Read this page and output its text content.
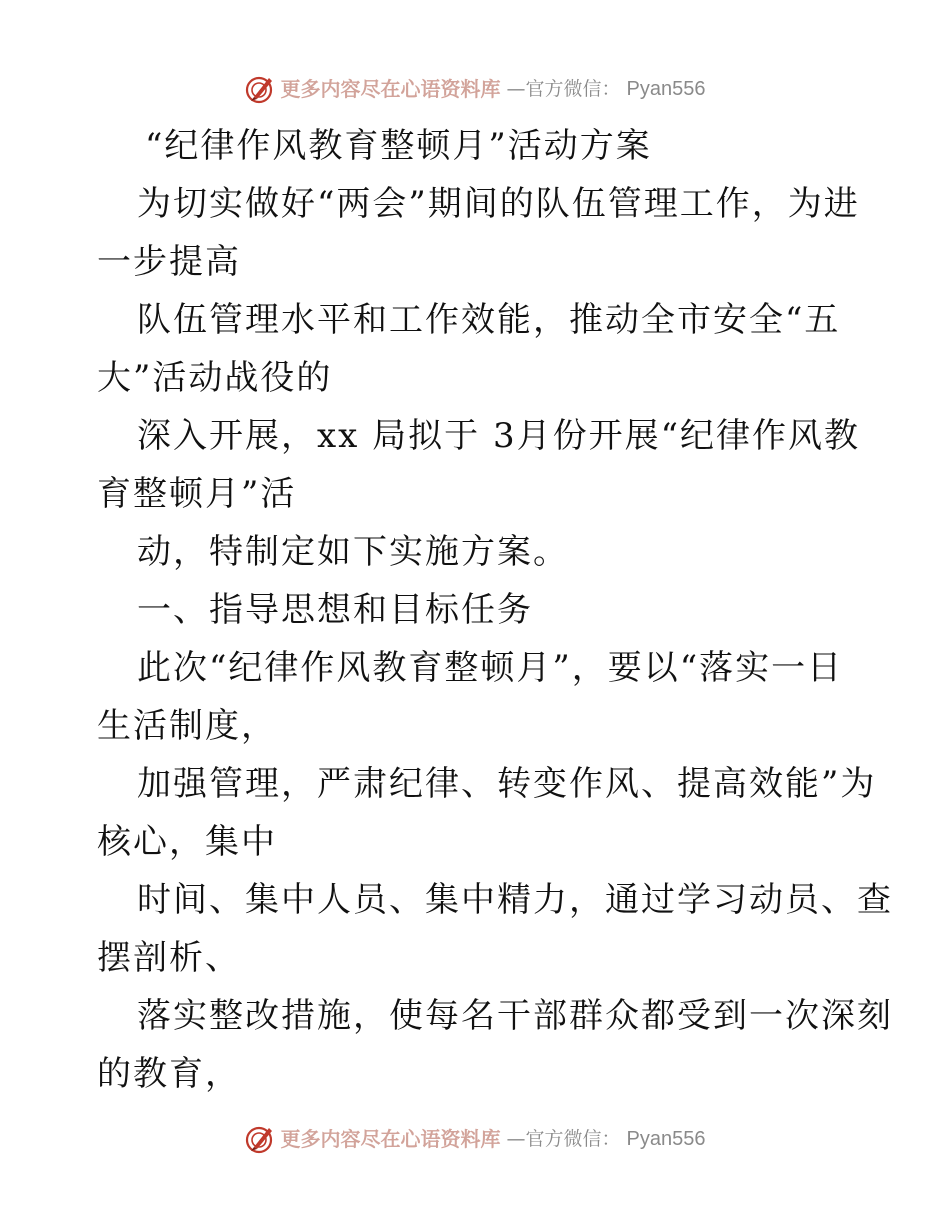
更多内容尽在心语资料库 —官方微信： Pyan556
“纪律作风教育整顿月”活动方案
为切实做好“两会”期间的队伍管理工作，为进
一步提高
队伍管理水平和工作效能，推动全市安全“五
大”活动战役的
深入开展，xx 局拟于 3月份开展“纪律作风教
育整顿月”活
动，特制定如下实施方案。
一、指导思想和目标任务
此次“纪律作风教育整顿月”，要以“落实一日
生活制度，
加强管理，严肃纪律、转变作风、提高效能”为
核心，集中
时间、集中人员、集中精力，通过学习动员、查
摆剖析、
落实整改措施，使每名干部群众都受到一次深刻
的教育，
更多内容尽在心语资料库 —官方微信： Pyan556
